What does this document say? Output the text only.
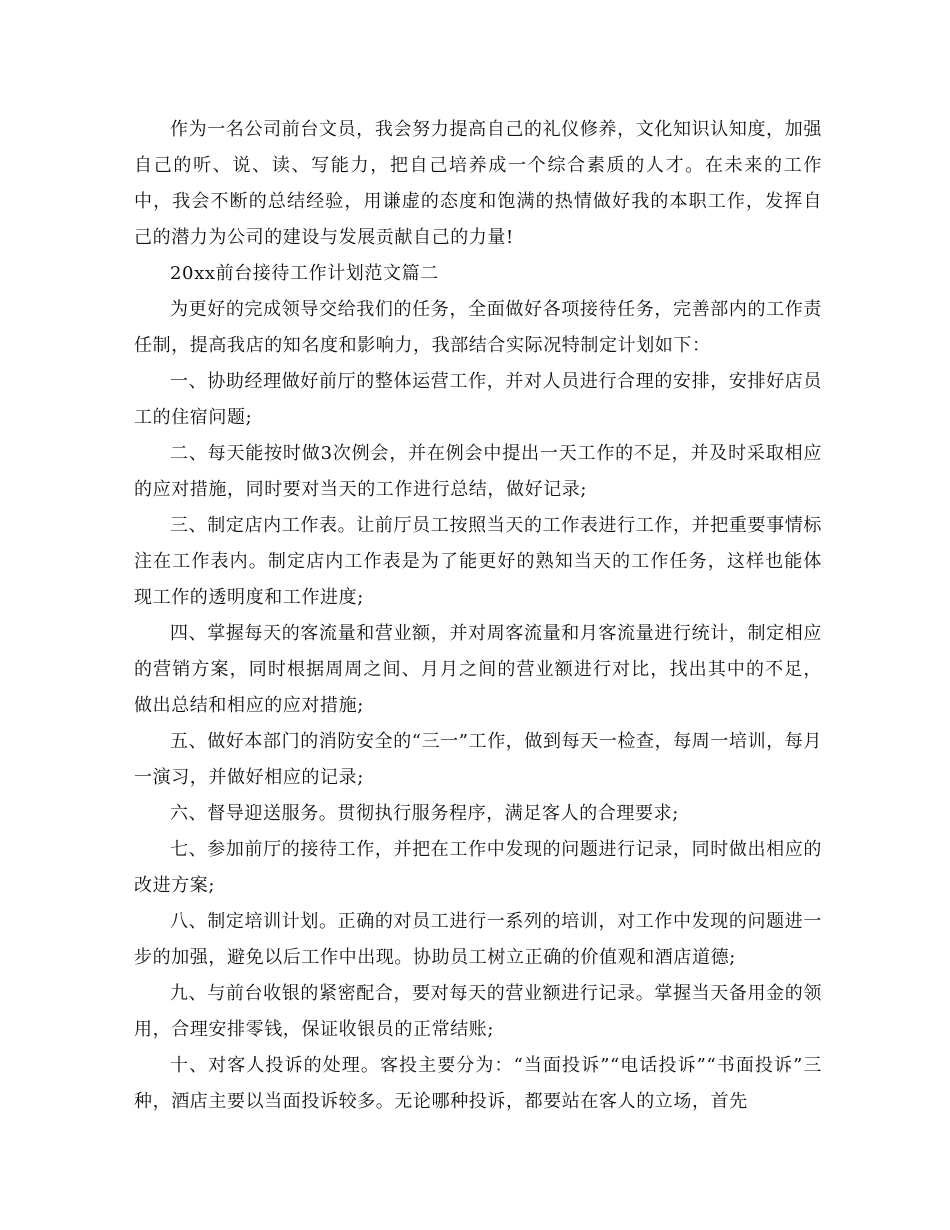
作为一名公司前台文员，我会努力提高自己的礼仪修养，文化知识认知度，加强自己的听、说、读、写能力，把自己培养成一个综合素质的人才。在未来的工作中，我会不断的总结经验，用谦虚的态度和饱满的热情做好我的本职工作，发挥自己的潜力为公司的建设与发展贡献自己的力量!

20xx前台接待工作计划范文篇二

为更好的完成领导交给我们的任务，全面做好各项接待任务，完善部内的工作责任制，提高我店的知名度和影响力，我部结合实际况特制定计划如下：

一、协助经理做好前厅的整体运营工作，并对人员进行合理的安排，安排好店员工的住宿问题;

二、每天能按时做3次例会，并在例会中提出一天工作的不足，并及时采取相应的应对措施，同时要对当天的工作进行总结，做好记录;

三、制定店内工作表。让前厅员工按照当天的工作表进行工作，并把重要事情标注在工作表内。制定店内工作表是为了能更好的熟知当天的工作任务，这样也能体现工作的透明度和工作进度;

四、掌握每天的客流量和营业额，并对周客流量和月客流量进行统计，制定相应的营销方案，同时根据周周之间、月月之间的营业额进行对比，找出其中的不足，做出总结和相应的应对措施;

五、做好本部门的消防安全的“三一”工作，做到每天一检查，每周一培训，每月一演习，并做好相应的记录;

六、督导迎送服务。贯彻执行服务程序，满足客人的合理要求;

七、参加前厅的接待工作，并把在工作中发现的问题进行记录，同时做出相应的改进方案;

八、制定培训计划。正确的对员工进行一系列的培训，对工作中发现的问题进一步的加强，避免以后工作中出现。协助员工树立正确的价值观和酒店道德;

九、与前台收银的紧密配合，要对每天的营业额进行记录。掌握当天备用金的领用，合理安排零钱，保证收银员的正常结账;

十、对客人投诉的处理。客投主要分为：“当面投诉”“电话投诉”“书面投诉”三种，酒店主要以当面投诉较多。无论哪种投诉，都要站在客人的立场，首先
